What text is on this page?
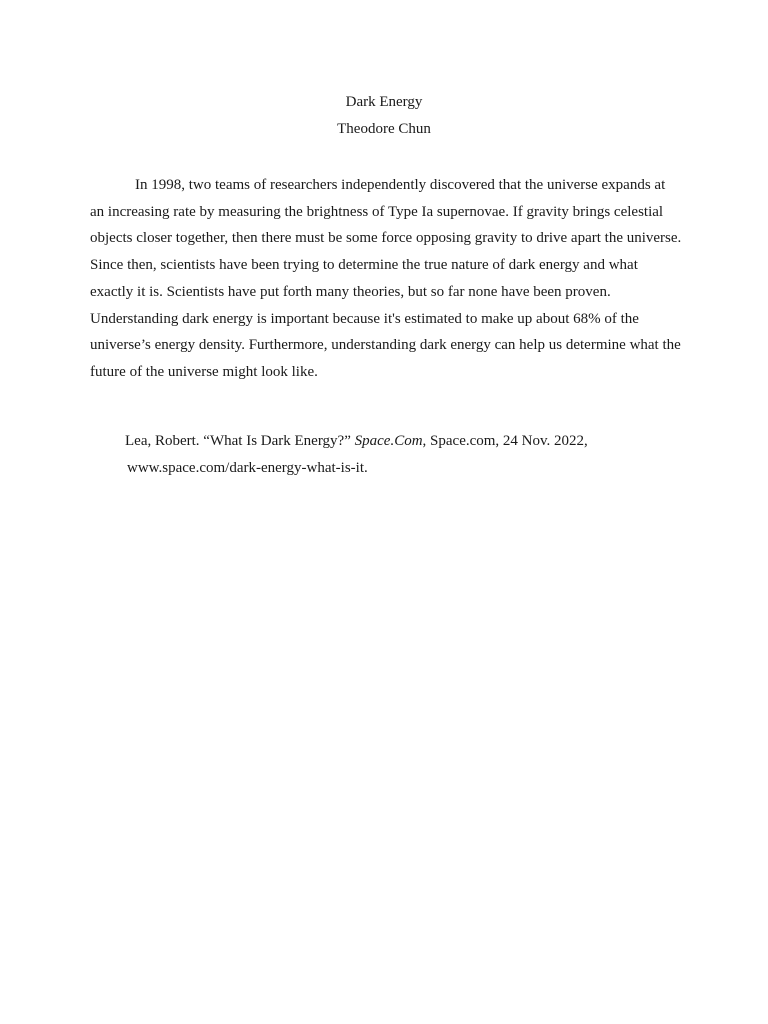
Dark Energy
Theodore Chun

In 1998, two teams of researchers independently discovered that the universe expands at an increasing rate by measuring the brightness of Type Ia supernovae. If gravity brings celestial objects closer together, then there must be some force opposing gravity to drive apart the universe. Since then, scientists have been trying to determine the true nature of dark energy and what exactly it is. Scientists have put forth many theories, but so far none have been proven. Understanding dark energy is important because it's estimated to make up about 68% of the universe’s energy density. Furthermore, understanding dark energy can help us determine what the future of the universe might look like.

Lea, Robert. “What Is Dark Energy?” Space.Com, Space.com, 24 Nov. 2022,
www.space.com/dark-energy-what-is-it.
